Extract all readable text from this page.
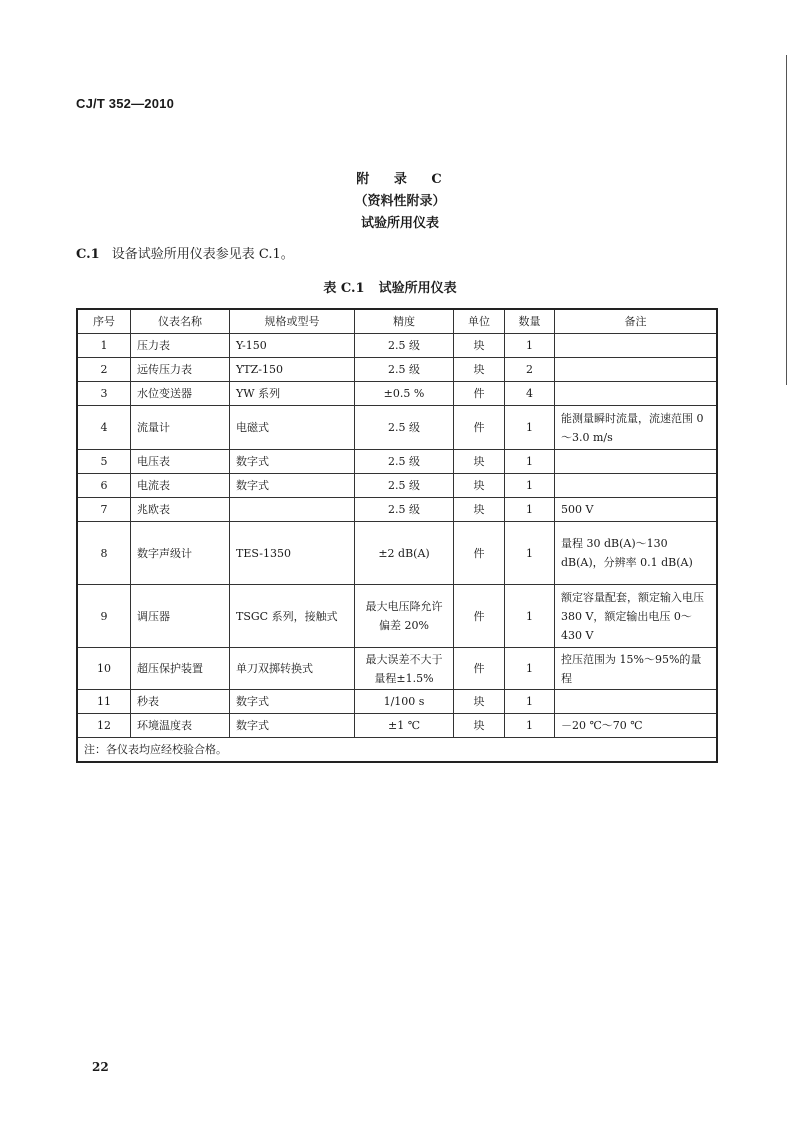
CJ/T 352—2010
附 录 C
（资料性附录）
试验所用仪表
C.1 设备试验所用仪表参见表 C.1。
表 C.1 试验所用仪表
序号	仪表名称	规格或型号	精度	单位	数量	备注
1	压力表	Y-150	2.5 级	块	1	
2	远传压力表	YTZ-150	2.5 级	块	2	
3	水位变送器	YW 系列	±0.5 %	件	4	
4	流量计	电磁式	2.5 级	件	1	能测量瞬时流量，流速范围 0～3.0 m/s
5	电压表	数字式	2.5 级	块	1	
6	电流表	数字式	2.5 级	块	1	
7	兆欧表		2.5 级	块	1	500 V
8	数字声级计	TES-1350	±2 dB(A)	件	1	量程 30 dB(A)～130 dB(A)，分辨率 0.1 dB(A)
9	调压器	TSGC 系列，接触式	最大电压降允许偏差 20%	件	1	额定容量配套，额定输入电压 380 V，额定输出电压 0～430 V
10	超压保护装置	单刀双掷转换式	最大误差不大于量程±1.5%	件	1	控压范围为 15%～95%的量程
11	秒表	数字式	1/100 s	块	1	
12	环境温度表	数字式	±1 ℃	块	1	－20 ℃～70 ℃
注：各仪表均应经校验合格。						
22
